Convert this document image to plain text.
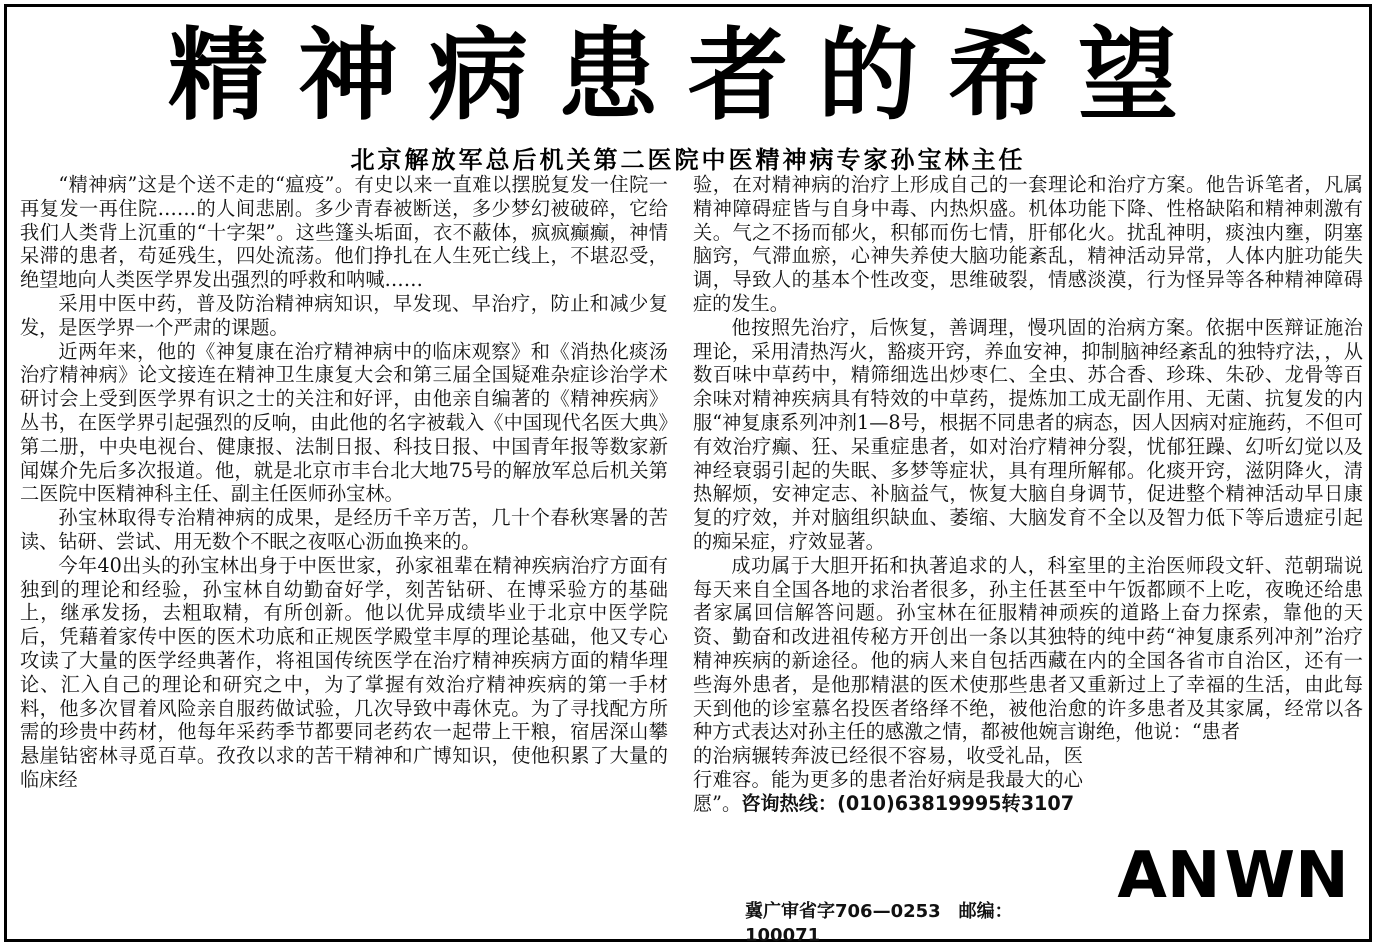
精神病患者的希望
北京解放军总后机关第二医院中医精神病专家孙宝林主任

“精神病”这是个送不走的“瘟疫”。有史以来一直难以摆脱复发一住院一再复发一再住院……的人间悲剧。多少青春被断送，多少梦幻被破碎，它给我们人类背上沉重的“十字架”。这些篷头垢面，衣不蔽体，疯疯癫癫，神情呆滞的患者，苟延残生，四处流荡。他们挣扎在人生死亡线上，不堪忍受，绝望地向人类医学界发出强烈的呼救和呐喊……

采用中医中药，普及防治精神病知识，早发现、早治疗，防止和减少复发，是医学界一个严肃的课题。

近两年来，他的《神复康在治疗精神病中的临床观察》和《消热化痰汤治疗精神病》论文接连在精神卫生康复大会和第三届全国疑难杂症诊治学术研讨会上受到医学界有识之士的关注和好评，由他亲自编著的《精神疾病》丛书，在医学界引起强烈的反响，由此他的名字被载入《中国现代名医大典》第二册，中央电视台、健康报、法制日报、科技日报、中国青年报等数家新闻媒介先后多次报道。他，就是北京市丰台北大地75号的解放军总后机关第二医院中医精神科主任、副主任医师孙宝林。

孙宝林取得专治精神病的成果，是经历千辛万苦，几十个春秋寒暑的苦读、钻研、尝试、用无数个不眠之夜呕心沥血换来的。

今年40出头的孙宝林出身于中医世家，孙家祖辈在精神疾病治疗方面有独到的理论和经验，孙宝林自幼勤奋好学，刻苦钻研、在博采验方的基础上，继承发扬，去粗取精，有所创新。他以优异成绩毕业于北京中医学院后，凭藉着家传中医的医术功底和正规医学殿堂丰厚的理论基础，他又专心攻读了大量的医学经典著作，将祖国传统医学在治疗精神疾病方面的精华理论、汇入自己的理论和研究之中，为了掌握有效治疗精神疾病的第一手材料，他多次冒着风险亲自服药做试验，几次导致中毒休克。为了寻找配方所需的珍贵中药材，他每年采药季节都要同老药农一起带上干粮，宿居深山攀悬崖钻密林寻觅百草。孜孜以求的苦干精神和广博知识，使他积累了大量的临床经

验，在对精神病的治疗上形成自己的一套理论和治疗方案。他告诉笔者，凡属精神障碍症皆与自身中毒、内热炽盛。机体功能下降、性格缺陷和精神刺激有关。气之不扬而郁火，积郁而伤七情，肝郁化火。扰乱神明，痰浊内壅，阴塞脑窍，气滞血瘀，心神失养使大脑功能紊乱，精神活动异常，人体内脏功能失调，导致人的基本个性改变，思维破裂，情感淡漠，行为怪异等各种精神障碍症的发生。

他按照先治疗，后恢复，善调理，慢巩固的治病方案。依据中医辩证施治理论，采用清热泻火，豁痰开窍，养血安神，抑制脑神经紊乱的独特疗法，，从数百味中草药中，精筛细选出炒枣仁、全虫、苏合香、珍珠、朱砂、龙骨等百余味对精神疾病具有特效的中草药，提炼加工成无副作用、无菌、抗复发的内服“神复康系列冲剂1—8号，根据不同患者的病态，因人因病对症施药，不但可有效治疗癫、狂、呆重症患者，如对治疗精神分裂，忧郁狂躁、幻听幻觉以及神经衰弱引起的失眠、多梦等症状，具有理所解郁。化痰开窍，滋阴降火，清热解烦，安神定志、补脑益气，恢复大脑自身调节，促进整个精神活动早日康复的疗效，并对脑组织缺血、萎缩、大脑发育不全以及智力低下等后遗症引起的痴呆症，疗效显著。

成功属于大胆开拓和执著追求的人，科室里的主治医师段文轩、范朝瑞说每天来自全国各地的求治者很多，孙主任甚至中午饭都顾不上吃，夜晚还给患者家属回信解答问题。孙宝林在征服精神顽疾的道路上奋力探索，靠他的天资、勤奋和改进祖传秘方开创出一条以其独特的纯中药“神复康系列冲剂”治疗精神疾病的新途径。他的病人来自包括西藏在内的全国各省市自治区，还有一些海外患者，是他那精湛的医术使那些患者又重新过上了幸福的生活，由此每天到他的诊室慕名投医者络绎不绝，被他治愈的许多患者及其家属，经常以各种方式表达对孙主任的感激之情，都被他婉言谢绝，他说：“患者

的治病辗转奔波已经很不容易，收受礼品，医行难容。能为更多的患者治好病是我最大的心愿”。咨询热线：(010)63819995转3107

冀广审省字706—0253　邮编：100071
AN WN
